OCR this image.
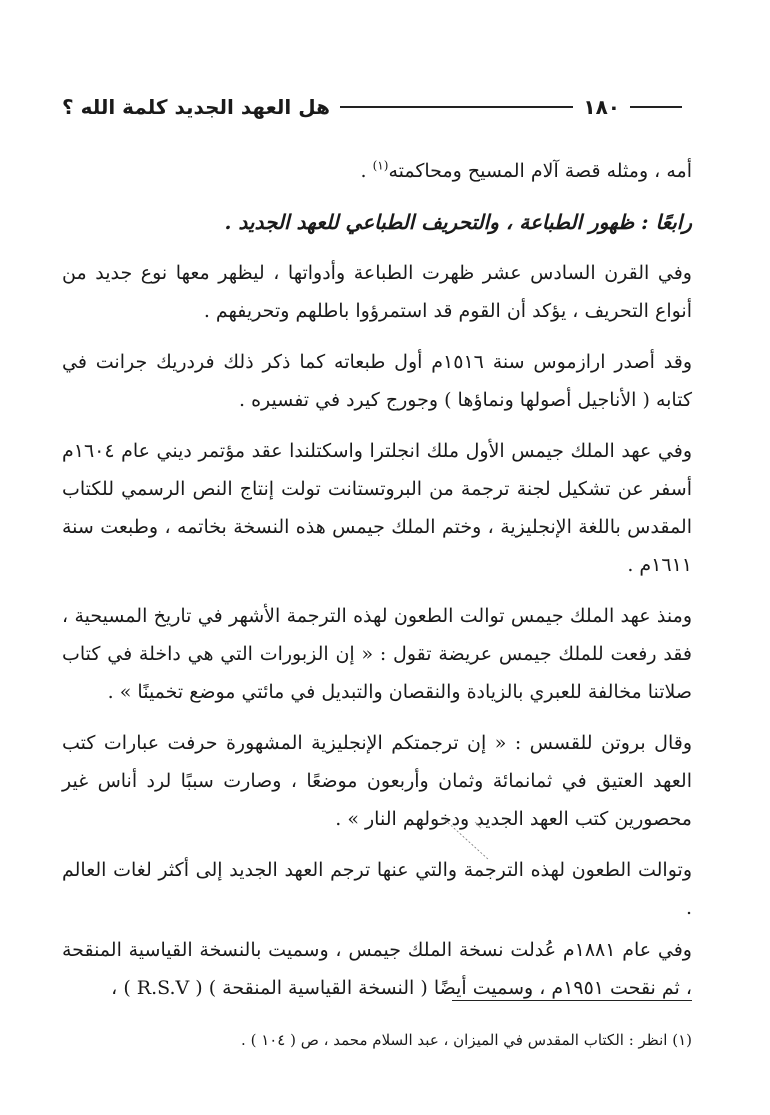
هل العهد الجديد كلمة الله ؟	١٨٠

أمه ، ومثله قصة آلام المسيح ومحاكمته$^{(١)}$ .

رابعًا : ظهور الطباعة ، والتحريف الطباعي للعهد الجديد .

وفي القرن السادس عشر ظهرت الطباعة وأدواتها ، ليظهر معها نوع جديد من أنواع التحريف ، يؤكد أن القوم قد استمرؤوا باطلهم وتحريفهم .

وقد أصدر ارازموس سنة ١٥١٦م أول طبعاته كما ذكر ذلك فردريك جرانت في كتابه ( الأناجيل أصولها ونماؤها ) وجورج كيرد في تفسيره .

وفي عهد الملك جيمس الأول ملك انجلترا واسكتلندا عقد مؤتمر ديني عام ١٦٠٤م أسفر عن تشكيل لجنة ترجمة من البروتستانت تولت إنتاج النص الرسمي للكتاب المقدس باللغة الإنجليزية ، وختم الملك جيمس هذه النسخة بخاتمه ، وطبعت سنة ١٦١١م .

ومنذ عهد الملك جيمس توالت الطعون لهذه الترجمة الأشهر في تاريخ المسيحية ، فقد رفعت للملك جيمس عريضة تقول : « إن الزبورات التي هي داخلة في كتاب صلاتنا مخالفة للعبري بالزيادة والنقصان والتبديل في مائتي موضع تخمينًا » .

وقال بروتن للقسس : « إن ترجمتكم الإنجليزية المشهورة حرفت عبارات كتب العهد العتيق في ثمانمائة وثمان وأربعون موضعًا ، وصارت سببًا لرد أناس غير محصورين كتب العهد الجديد ودخولهم النار » .

وتوالت الطعون لهذه الترجمة والتي عنها ترجم العهد الجديد إلى أكثر لغات العالم .

وفي عام ١٨٨١م عُدلت نسخة الملك جيمس ، وسميت بالنسخة القياسية المنقحة ، ثم نقحت ١٩٥١م ، وسميت أيضًا ( النسخة القياسية المنقحة ) ( R.S.V ) ،

(١) انظر : الكتاب المقدس في الميزان ، عبد السلام محمد ، ص ( ١٠٤ ) .
